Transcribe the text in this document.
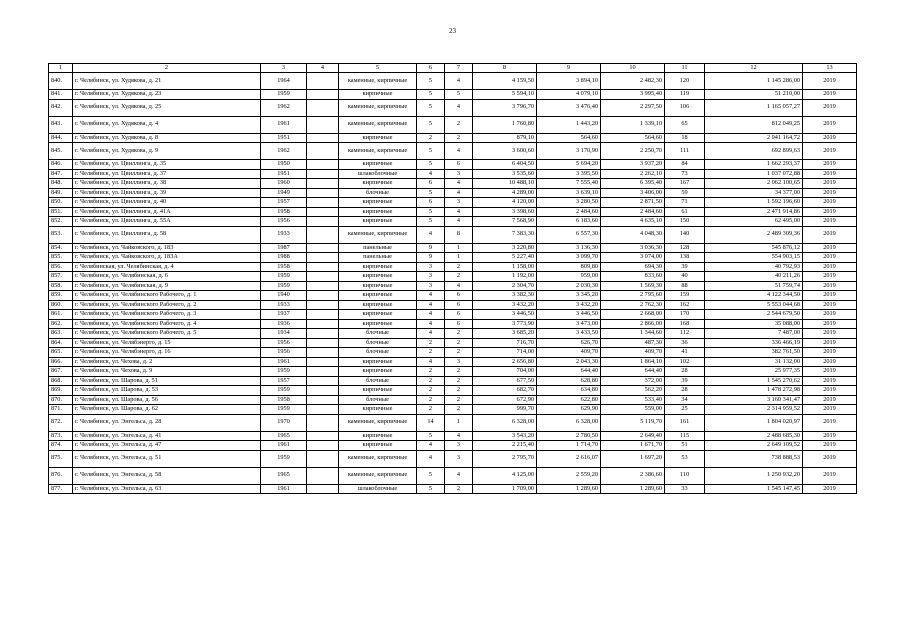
23
1	2	3	4	5	6	7	8	9	10	11	12	13
840.	г. Челябинск, ул. Худякова, д. 21	1964		каменные, кирпичные	5	4	4 159,50	3 894,10	2 482,30	120	1 145 286,00	2019
841.	г. Челябинск, ул. Худякова, д. 23	1959		кирпичные	5	5	5 594,10	4 079,10	3 995,40	119	51 210,00	2019
842.	г. Челябинск, ул. Худякова, д. 25	1962		каменные, кирпичные	5	4	3 796,70	3 476,40	2 297,50	106	1 165 057,27	2019
843.	г. Челябинск, ул. Худякова, д. 4	1961		каменные, кирпичные	5	2	1 760,80	1 443,20	1 339,10	65	812 049,25	2019
844.	г. Челябинск, ул. Худякова, д. 8	1951		кирпичные	2	2	879,10	564,60	564,60	18	2 941 164,72	2019
845.	г. Челябинск, ул. Худякова, д. 9	1962		каменные, кирпичные	5	4	3 600,60	3 170,90	2 250,70	111	692 899,63	2019
846.	г. Челябинск, ул. Цвиллинга, д. 35	1950		кирпичные	5	6	6 404,50	5 694,20	3 937,20	84	1 662 293,37	2019
847.	г. Челябинск, ул. Цвиллинга, д. 37	1951		шлакоблочные	4	3	3 535,60	3 395,50	2 262,10	73	1 037 072,88	2019
848.	г. Челябинск, ул. Цвиллинга, д. 38	1960		кирпичные	6	4	10 488,10	7 555,40	6 395,40	167	2 062 100,65	2019
849.	г. Челябинск, ул. Цвиллинга, д. 39	1949		блочные	5	4	4 289,00	3 639,10	3 406,00	59	34 377,00	2019
850.	г. Челябинск, ул. Цвиллинга, д. 40	1957		кирпичные	6	3	4 120,00	3 280,50	2 871,50	71	1 592 196,60	2019
851.	г. Челябинск, ул. Цвиллинга, д. 41А	1958		кирпичные	5	4	3 398,60	2 484,60	2 484,60	61	2 471 914,86	2019
852.	г. Челябинск, ул. Цвиллинга, д. 55А	1956		кирпичные	5	4	7 568,90	6 183,60	4 635,10	150	62 495,00	2019
853.	г. Челябинск, ул. Цвиллинга, д. 58	1933		каменные, кирпичные	4	8	7 383,30	6 557,30	4 048,30	140	2 489 309,36	2019
854.	г. Челябинск, ул. Чайковского, д. 183	1987		панельные	9	1	3 220,80	3 136,30	3 036,30	128	545 876,12	2019
855.	г. Челябинск, ул. Чайковского, д. 183А	1988		панельные	9	1	5 227,40	3 099,70	3 074,00	138	554 903,15	2019
856.	г. Челябинская, ул. Челябинская, д. 4	1958		кирпичные	3	2	1 158,00	809,80	694,30	39	40 792,93	2019
857.	г. Челябинск, ул. Челябинская, д. 6	1959		кирпичные	3	2	1 192,00	959,00	833,60	40	40 211,26	2019
858.	г. Челябинск, ул. Челябинская, д. 9	1959		кирпичные	3	4	2 304,70	2 030,30	1 569,30	88	51 759,74	2019
859.	г. Челябинск, ул. Челябинского Рабочего, д. 1	1940		кирпичные	4	6	3 382,30	3 345,20	2 795,60	159	4 122 344,50	2019
860.	г. Челябинск, ул. Челябинского Рабочего, д. 2	1933		кирпичные	4	6	3 432,20	3 432,20	2 762,30	162	5 553 044,68	2019
861.	г. Челябинск, ул. Челябинского Рабочего, д. 3	1937		кирпичные	4	6	3 446,50	3 446,50	2 668,00	170	2 544 679,50	2019
862.	г. Челябинск, ул. Челябинского Рабочего, д. 4	1936		кирпичные	4	6	3 773,90	3 473,00	2 866,00	168	35 088,00	2019
863.	г. Челябинск, ул. Челябинского Рабочего, д. 5	1934		блочные	4	2	3 685,20	3 433,50	1 344,60	112	7 487,00	2019
864.	г. Челябинск, ул. Челябэнерго, д. 15	1956		блочные	2	2	716,70	626,70	487,30	36	336 466,19	2019
865.	г. Челябинск, ул. Челябэнерго, д. 16	1956		блочные	2	2	714,00	409,70	409,70	41	382 761,50	2019
866.	г. Челябинск, ул. Чехова, д. 2	1961		кирпичные	4	3	2 656,80	2 043,30	1 864,10	102	31 132,00	2019
867.	г. Челябинск, ул. Чехова, д. 9	1959		кирпичные	2	2	704,00	644,40	644,40	28	25 977,35	2019
868.	г. Челябинск, ул. Шарова, д. 51	1957		блочные	2	2	677,50	628,80	372,00	39	1 545 270,62	2019
869.	г. Челябинск, ул. Шарова, д. 53	1959		кирпичные	2	2	682,70	634,80	562,20	28	1 478 272,98	2019
870.	г. Челябинск, ул. Шарова, д. 56	1958		блочные	2	2	672,90	622,80	533,40	34	3 160 341,47	2019
871.	г. Челябинск, ул. Шарова, д. 62	1959		кирпичные	2	2	999,70	629,90	559,00	25	2 314 959,52	2019
872.	г. Челябинск, ул. Энгельса, д. 28	1970		каменные, кирпичные	14	1	6 328,00	6 328,00	5 119,70	161	1 804 020,97	2019
873.	г. Челябинск, ул. Энгельса, д. 41	1965		кирпичные	5	4	3 543,20	2 780,50	2 649,40	115	2 488 685,30	2019
874.	г. Челябинск, ул. Энгельса, д. 47	1961		кирпичные	4	3	2 215,40	1 714,70	1 671,70	51	2 649 109,52	2019
875.	г. Челябинск, ул. Энгельса, д. 51	1959		каменные, кирпичные	4	3	2 795,70	2 616,07	1 697,20	53	738 888,53	2019
876.	г. Челябинск, ул. Энгельса, д. 58	1965		каменные, кирпичные	5	4	4 125,00	2 559,20	2 386,60	110	1 250 932,20	2019
877.	г. Челябинск, ул. Энгельса, д. 63	1961		шлакоблочные	5	2	1 709,00	1 289,60	1 289,60	33	1 545 147,45	2019
